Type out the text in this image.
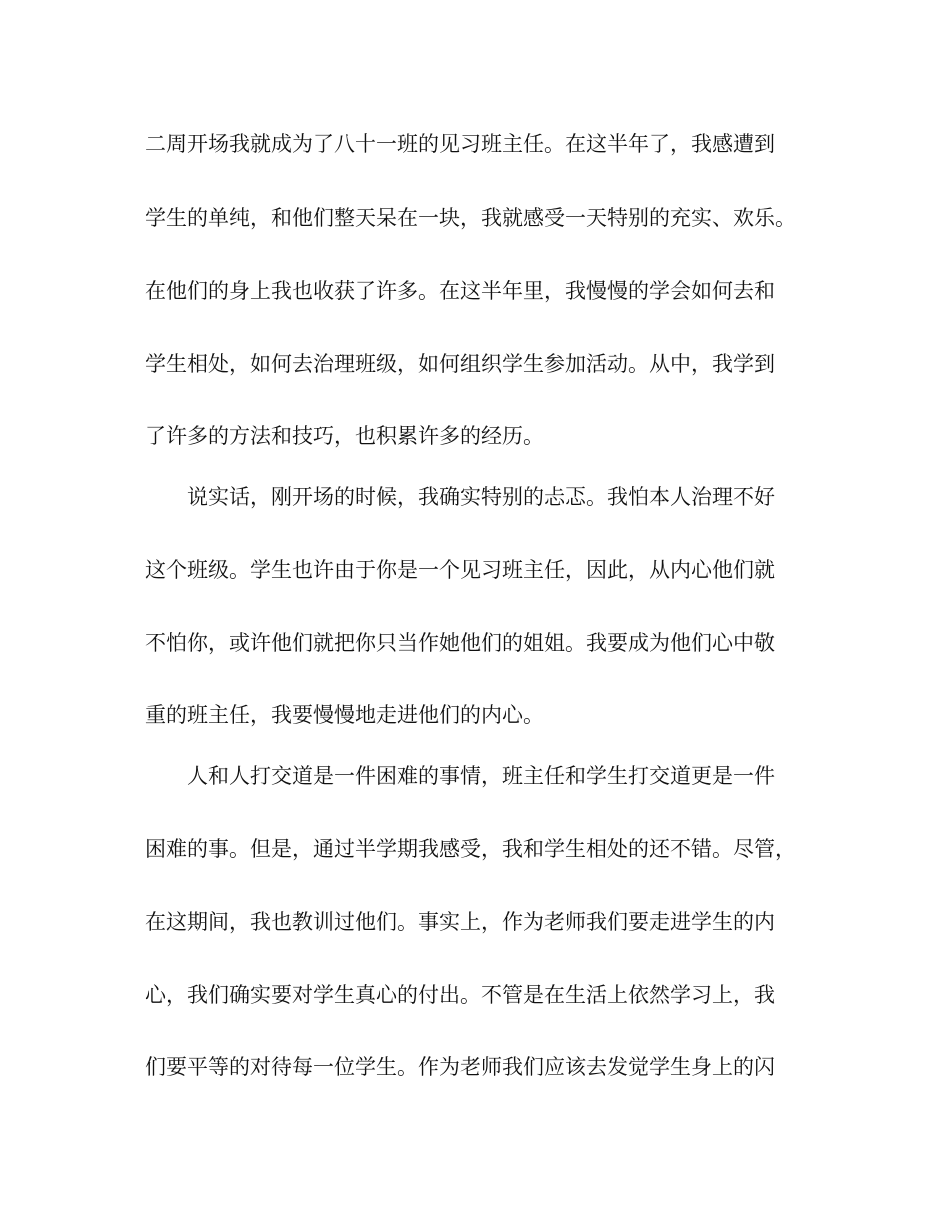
二周开场我就成为了八十一班的见习班主任。在这半年了，我感遭到
学生的单纯，和他们整天呆在一块，我就感受一天特别的充实、欢乐。
在他们的身上我也收获了许多。在这半年里，我慢慢的学会如何去和
学生相处，如何去治理班级，如何组织学生参加活动。从中，我学到
了许多的方法和技巧，也积累许多的经历。
说实话，刚开场的时候，我确实特别的忐忑。我怕本人治理不好
这个班级。学生也许由于你是一个见习班主任，因此，从内心他们就
不怕你，或许他们就把你只当作她他们的姐姐。我要成为他们心中敬
重的班主任，我要慢慢地走进他们的内心。
人和人打交道是一件困难的事情，班主任和学生打交道更是一件
困难的事。但是，通过半学期我感受，我和学生相处的还不错。尽管，
在这期间，我也教训过他们。事实上，作为老师我们要走进学生的内
心，我们确实要对学生真心的付出。不管是在生活上依然学习上，我
们要平等的对待每一位学生。作为老师我们应该去发觉学生身上的闪
